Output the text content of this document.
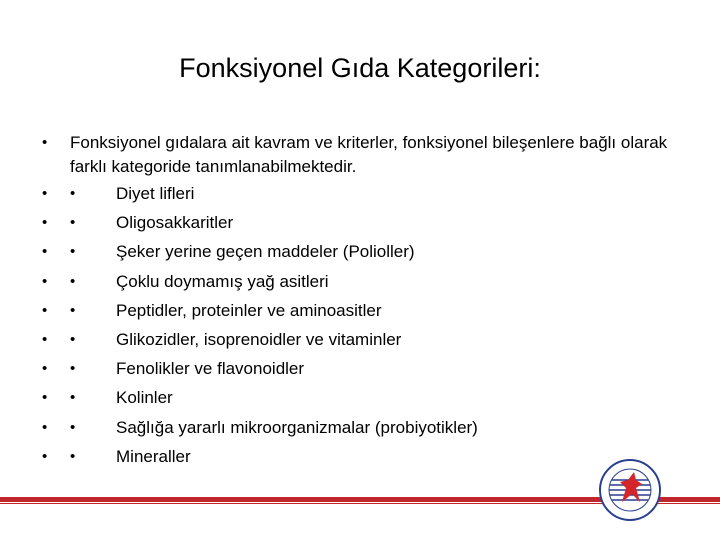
Fonksiyonel Gıda Kategorileri:
• Fonksiyonel gıdalara ait kavram ve kriterler, fonksiyonel bileşenlere bağlı olarak farklı kategoride tanımlanabilmektedir.
• • Diyet lifleri
• • Oligosakkaritler
• • Şeker yerine geçen maddeler (Polioller)
• • Çoklu doymamış yağ asitleri
• • Peptidler, proteinler ve aminoasitler
• • Glikozidler, isoprenoidler ve vitaminler
• • Fenolikler ve flavonoidler
• • Kolinler
• • Sağlığa yararlı mikroorganizmalar (probiyotikler)
• • Mineraller
